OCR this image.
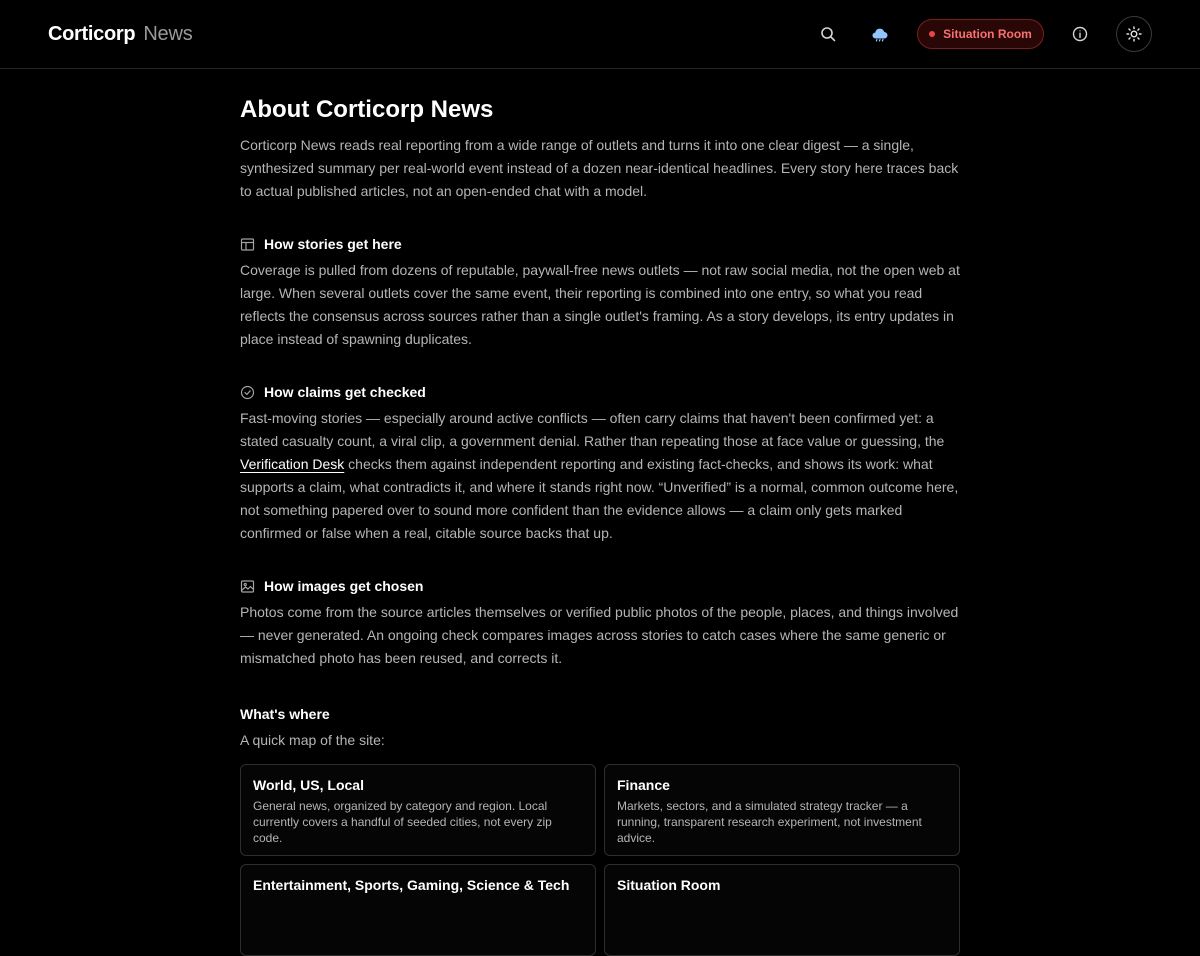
Corticorp News	Situation Room
About Corticorp News

Corticorp News reads real reporting from a wide range of outlets and turns it into one clear digest — a single, synthesized summary per real-world event instead of a dozen near-identical headlines. Every story here traces back to actual published articles, not an open-ended chat with a model.

How stories get here

Coverage is pulled from dozens of reputable, paywall-free news outlets — not raw social media, not the open web at large. When several outlets cover the same event, their reporting is combined into one entry, so what you read reflects the consensus across sources rather than a single outlet's framing. As a story develops, its entry updates in place instead of spawning duplicates.

How claims get checked

Fast-moving stories — especially around active conflicts — often carry claims that haven't been confirmed yet: a stated casualty count, a viral clip, a government denial. Rather than repeating those at face value or guessing, the Verification Desk checks them against independent reporting and existing fact-checks, and shows its work: what supports a claim, what contradicts it, and where it stands right now. “Unverified” is a normal, common outcome here, not something papered over to sound more confident than the evidence allows — a claim only gets marked confirmed or false when a real, citable source backs that up.

How images get chosen

Photos come from the source articles themselves or verified public photos of the people, places, and things involved — never generated. An ongoing check compares images across stories to catch cases where the same generic or mismatched photo has been reused, and corrects it.

What's where
A quick map of the site:
World, US, Local
General news, organized by category and region. Local currently covers a handful of seeded cities, not every zip code.
Finance
Markets, sectors, and a simulated strategy tracker — a running, transparent research experiment, not investment advice.
Entertainment, Sports, Gaming, Science & Tech	Situation Room
